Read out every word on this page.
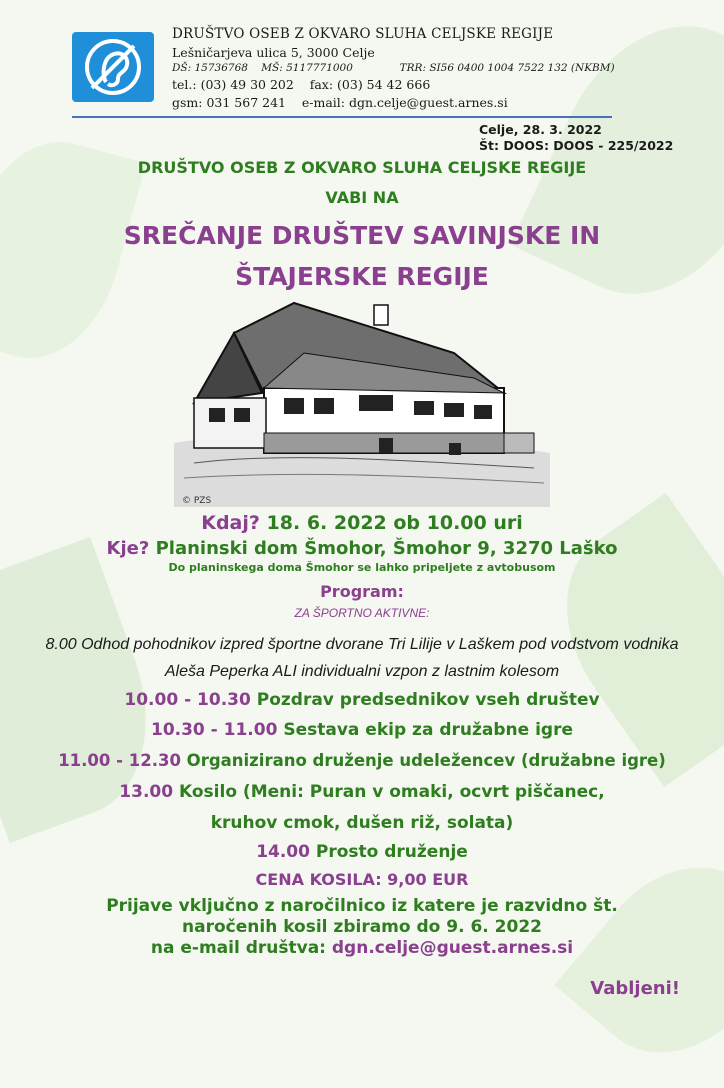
DRUŠTVO OSEB Z OKVARO SLUHA CELJSKE REGIJE
Lešničarjeva ulica 5, 3000 Celje
DŠ: 15736768    MŠ: 5117771000              TRR: SI56 0400 1004 7522 132 (NKBM)
tel.: (03) 49 30 202    fax: (03) 54 42 666
gsm: 031 567 241    e-mail: dgn.celje@guest.arnes.si
Celje, 28. 3. 2022
Št: DOOS: DOOS - 225/2022
DRUŠTVO OSEB Z OKVARO SLUHA CELJSKE REGIJE
VABI NA
SREČANJE DRUŠTEV SAVINJSKE IN
ŠTAJERSKE REGIJE
© PZS
Kdaj? 18. 6. 2022 ob 10.00 uri
Kje? Planinski dom Šmohor, Šmohor 9, 3270 Laško
Do planinskega doma Šmohor se lahko pripeljete z avtobusom
Program:
ZA ŠPORTNO AKTIVNE:
8.00 Odhod pohodnikov izpred športne dvorane Tri Lilije v Laškem pod vodstvom vodnika
Aleša Peperka ALI individualni vzpon z lastnim kolesom
10.00 - 10.30 Pozdrav predsednikov vseh društev
10.30 - 11.00 Sestava ekip za družabne igre
11.00 - 12.30 Organizirano druženje udeležencev (družabne igre)
13.00 Kosilo (Meni: Puran v omaki, ocvrt piščanec,
kruhov cmok, dušen riž, solata)
14.00 Prosto druženje
CENA KOSILA: 9,00 EUR
Prijave vključno z naročilnico iz katere je razvidno št.
naročenih kosil zbiramo do 9. 6. 2022
na e-mail društva: dgn.celje@guest.arnes.si
Vabljeni!
